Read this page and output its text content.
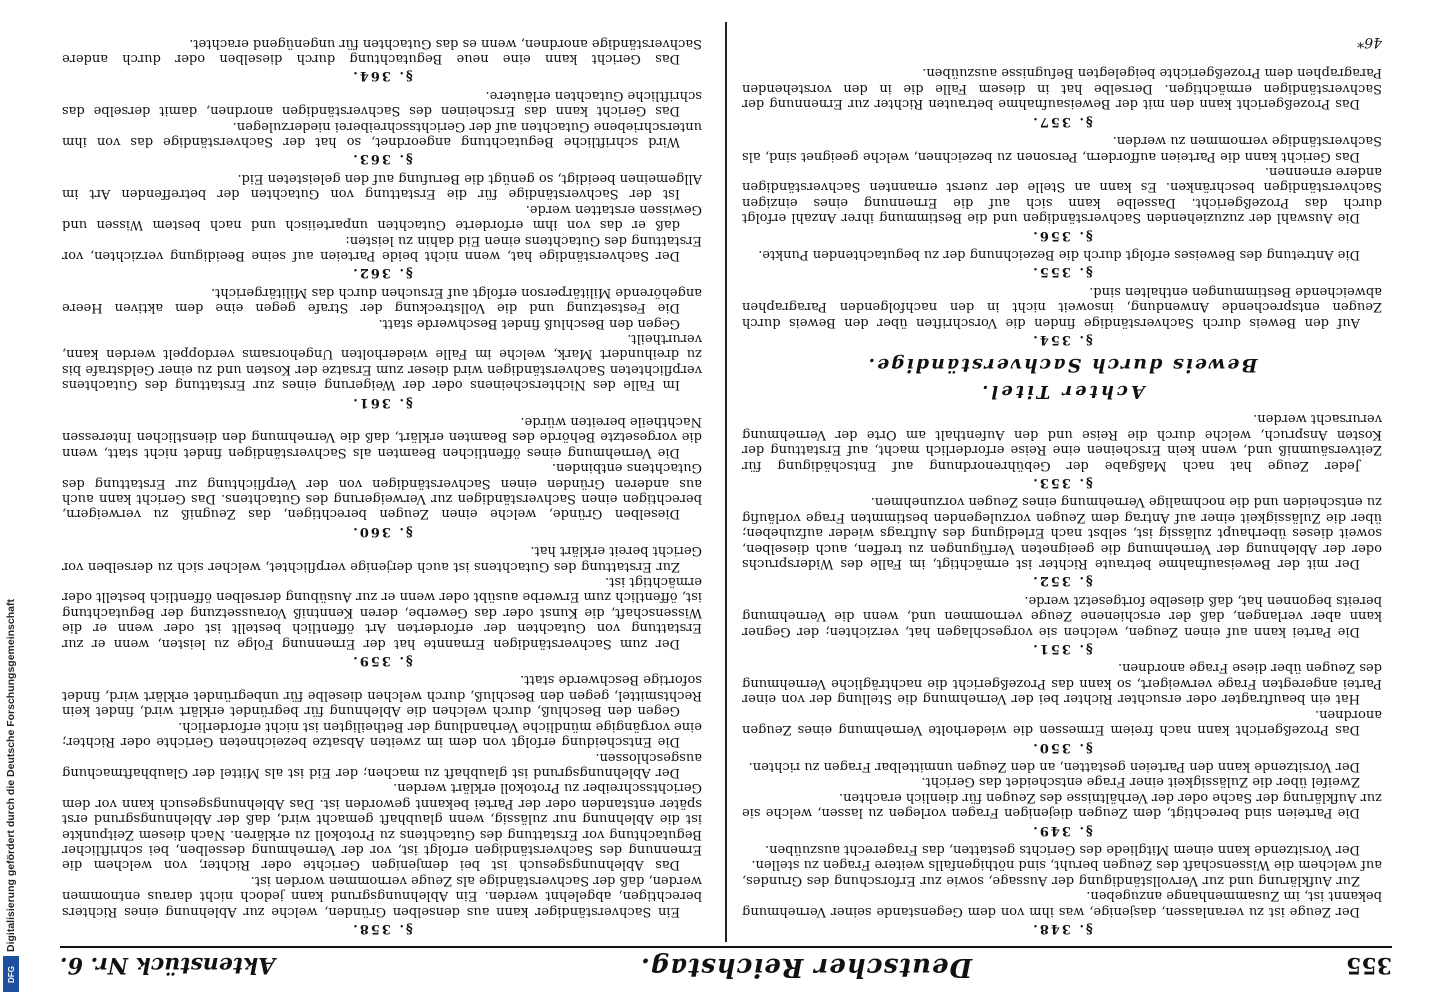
355
Deutscher Reichstag.
Aktenstück Nr. 6.

§. 348.

Der Zeuge ist zu veranlassen, dasjenige, was ihm von dem Gegenstande seiner Vernehmung bekannt ist, im Zusammenhange anzugeben.

Zur Aufklärung und zur Vervollständigung der Aussage, sowie zur Erforschung des Grundes, auf welchem die Wissenschaft des Zeugen beruht, sind nöthigenfalls weitere Fragen zu stellen.

Der Vorsitzende kann einem Mitgliede des Gerichts gestatten, das Fragerecht auszuüben.

§. 349.

Die Parteien sind berechtigt, dem Zeugen diejenigen Fragen vorlegen zu lassen, welche sie zur Aufklärung der Sache oder der Verhältnisse des Zeugen für dienlich erachten.

Zweifel über die Zulässigkeit einer Frage entscheidet das Gericht.

Der Vorsitzende kann den Parteien gestatten, an den Zeugen unmittelbar Fragen zu richten.

§. 350.

Das Prozeßgericht kann nach freiem Ermessen die wiederholte Vernehmung eines Zeugen anordnen.

Hat ein beauftragter oder ersuchter Richter bei der Vernehmung die Stellung der von einer Partei angeregten Frage verweigert, so kann das Prozeßgericht die nachträgliche Vernehmung des Zeugen über diese Frage anordnen.

§. 351.

Die Partei kann auf einen Zeugen, welchen sie vorgeschlagen hat, verzichten; der Gegner kann aber verlangen, daß der erschienene Zeuge vernommen und, wenn die Vernehmung bereits begonnen hat, daß dieselbe fortgesetzt werde.

§. 352.

Der mit der Beweisaufnahme betraute Richter ist ermächtigt, im Falle des Widerspruchs oder der Ablehnung der Vernehmung die geeigneten Verfügungen zu treffen, auch dieselben, soweit dieses überhaupt zulässig ist, selbst nach Erledigung des Auftrags wieder aufzuheben; über die Zulässigkeit einer auf Antrag dem Zeugen vorzulegenden bestimmten Frage vorläufig zu entscheiden und die nochmalige Vernehmung eines Zeugen vorzunehmen.

§. 353.

Jeder Zeuge hat nach Maßgabe der Gebührenordnung auf Entschädigung für Zeitversäumniß und, wenn kein Erscheinen eine Reise erforderlich macht, auf Erstattung der Kosten Anspruch, welche durch die Reise und den Aufenthalt am Orte der Vernehmung verursacht werden.

Achter Titel.
Beweis durch Sachverständige.

§. 354.

Auf den Beweis durch Sachverständige finden die Vorschriften über den Beweis durch Zeugen entsprechende Anwendung, insoweit nicht in den nachfolgenden Paragraphen abweichende Bestimmungen enthalten sind.

§. 355.

Die Antretung des Beweises erfolgt durch die Bezeichnung der zu begutachtenden Punkte.

§. 356.

Die Auswahl der zuzuziehenden Sachverständigen und die Bestimmung ihrer Anzahl erfolgt durch das Prozeßgericht. Dasselbe kann sich auf die Ernennung eines einzigen Sachverständigen beschränken. Es kann an Stelle der zuerst ernannten Sachverständigen andere ernennen.

Das Gericht kann die Parteien auffordern, Personen zu bezeichnen, welche geeignet sind, als Sachverständige vernommen zu werden.

§. 357.

Das Prozeßgericht kann den mit der Beweisaufnahme betrauten Richter zur Ernennung der Sachverständigen ermächtigen. Derselbe hat in diesem Falle die in den vorstehenden Paragraphen dem Prozeßgerichte beigelegten Befugnisse auszuüben.

§. 358.

Ein Sachverständiger kann aus denselben Gründen, welche zur Ablehnung eines Richters berechtigen, abgelehnt werden. Ein Ablehnungsgrund kann jedoch nicht daraus entnommen werden, daß der Sachverständige als Zeuge vernommen worden ist.

Das Ablehnungsgesuch ist bei demjenigen Gerichte oder Richter, von welchem die Ernennung des Sachverständigen erfolgt ist, vor der Vernehmung desselben, bei schriftlicher Begutachtung vor Erstattung des Gutachtens zu Protokoll zu erklären. Nach diesem Zeitpunkte ist die Ablehnung nur zulässig, wenn glaubhaft gemacht wird, daß der Ablehnungsgrund erst später entstanden oder der Partei bekannt geworden ist. Das Ablehnungsgesuch kann vor dem Gerichtsschreiber zu Protokoll erklärt werden.

Der Ablehnungsgrund ist glaubhaft zu machen; der Eid ist als Mittel der Glaubhaftmachung ausgeschlossen.

Die Entscheidung erfolgt von dem im zweiten Absatze bezeichneten Gerichte oder Richter; eine vorgängige mündliche Verhandlung der Betheiligten ist nicht erforderlich.

Gegen den Beschluß, durch welchen die Ablehnung für begründet erklärt wird, findet kein Rechtsmittel, gegen den Beschluß, durch welchen dieselbe für unbegründet erklärt wird, findet sofortige Beschwerde statt.

§. 359.

Der zum Sachverständigen Ernannte hat der Ernennung Folge zu leisten, wenn er zur Erstattung von Gutachten der erforderten Art öffentlich bestellt ist oder wenn er die Wissenschaft, die Kunst oder das Gewerbe, deren Kenntniß Voraussetzung der Begutachtung ist, öffentlich zum Erwerbe ausübt oder wenn er zur Ausübung derselben öffentlich bestellt oder ermächtigt ist.

Zur Erstattung des Gutachtens ist auch derjenige verpflichtet, welcher sich zu derselben vor Gericht bereit erklärt hat.

§. 360.

Dieselben Gründe, welche einen Zeugen berechtigen, das Zeugniß zu verweigern, berechtigen einen Sachverständigen zur Verweigerung des Gutachtens. Das Gericht kann auch aus anderen Gründen einen Sachverständigen von der Verpflichtung zur Erstattung des Gutachtens entbinden.

Die Vernehmung eines öffentlichen Beamten als Sachverständigen findet nicht statt, wenn die vorgesetzte Behörde des Beamten erklärt, daß die Vernehmung den dienstlichen Interessen Nachtheile bereiten würde.

§. 361.

Im Falle des Nichterscheinens oder der Weigerung eines zur Erstattung des Gutachtens verpflichteten Sachverständigen wird dieser zum Ersatze der Kosten und zu einer Geldstrafe bis zu dreihundert Mark, welche im Falle wiederholten Ungehorsams verdoppelt werden kann, verurtheilt.

Gegen den Beschluß findet Beschwerde statt.

Die Festsetzung und die Vollstreckung der Strafe gegen eine dem aktiven Heere angehörende Militärperson erfolgt auf Ersuchen durch das Militärgericht.

§. 362.

Der Sachverständige hat, wenn nicht beide Parteien auf seine Beeidigung verzichten, vor Erstattung des Gutachtens einen Eid dahin zu leisten:

daß er das von ihm erforderte Gutachten unparteiisch und nach bestem Wissen und Gewissen erstatten werde.

Ist der Sachverständige für die Erstattung von Gutachten der betreffenden Art im Allgemeinen beeidigt, so genügt die Berufung auf den geleisteten Eid.

§. 363.

Wird schriftliche Begutachtung angeordnet, so hat der Sachverständige das von ihm unterschriebene Gutachten auf der Gerichtsschreiberei niederzulegen.

Das Gericht kann das Erscheinen des Sachverständigen anordnen, damit derselbe das schriftliche Gutachten erläutere.

§. 364.

Das Gericht kann eine neue Begutachtung durch dieselben oder durch andere Sachverständige anordnen, wenn es das Gutachten für ungenügend erachtet.	46*
Digitalisierung gefördert durch die Deutsche Forschungsgemeinschaft
DFG
